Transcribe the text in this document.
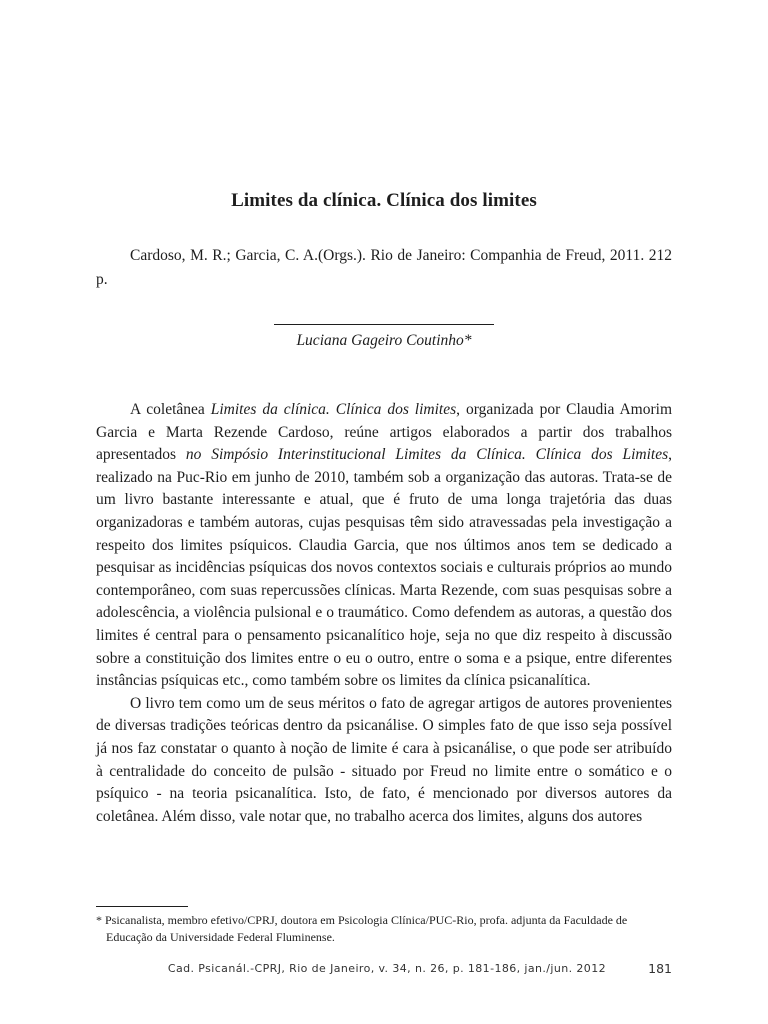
Limites da clínica. Clínica dos limites
Cardoso, M. R.; Garcia, C. A.(Orgs.). Rio de Janeiro: Companhia de Freud, 2011. 212 p.
Luciana Gageiro Coutinho*

A coletânea Limites da clínica. Clínica dos limites, organizada por Claudia Amorim Garcia e Marta Rezende Cardoso, reúne artigos elaborados a partir dos trabalhos apresentados no Simpósio Interinstitucional Limites da Clínica. Clínica dos Limites, realizado na Puc-Rio em junho de 2010, também sob a organização das autoras. Trata-se de um livro bastante interessante e atual, que é fruto de uma longa trajetória das duas organizadoras e também autoras, cujas pesquisas têm sido atravessadas pela investigação a respeito dos limites psíquicos. Claudia Garcia, que nos últimos anos tem se dedicado a pesquisar as incidências psíquicas dos novos contextos sociais e culturais próprios ao mundo contemporâneo, com suas repercussões clínicas. Marta Rezende, com suas pesquisas sobre a adolescência, a violência pulsional e o traumático. Como defendem as autoras, a questão dos limites é central para o pensamento psicanalítico hoje, seja no que diz respeito à discussão sobre a constituição dos limites entre o eu o outro, entre o soma e a psique, entre diferentes instâncias psíquicas etc., como também sobre os limites da clínica psicanalítica.

O livro tem como um de seus méritos o fato de agregar artigos de autores provenientes de diversas tradições teóricas dentro da psicanálise. O simples fato de que isso seja possível já nos faz constatar o quanto à noção de limite é cara à psicanálise, o que pode ser atribuído à centralidade do conceito de pulsão - situado por Freud no limite entre o somático e o psíquico - na teoria psicanalítica. Isto, de fato, é mencionado por diversos autores da coletânea. Além disso, vale notar que, no trabalho acerca dos limites, alguns dos autores

* Psicanalista, membro efetivo/CPRJ, doutora em Psicologia Clínica/PUC-Rio, profa. adjunta da Faculdade de Educação da Universidade Federal Fluminense.
Cad. Psicanál.-CPRJ, Rio de Janeiro, v. 34, n. 26, p. 181-186, jan./jun. 2012	181
